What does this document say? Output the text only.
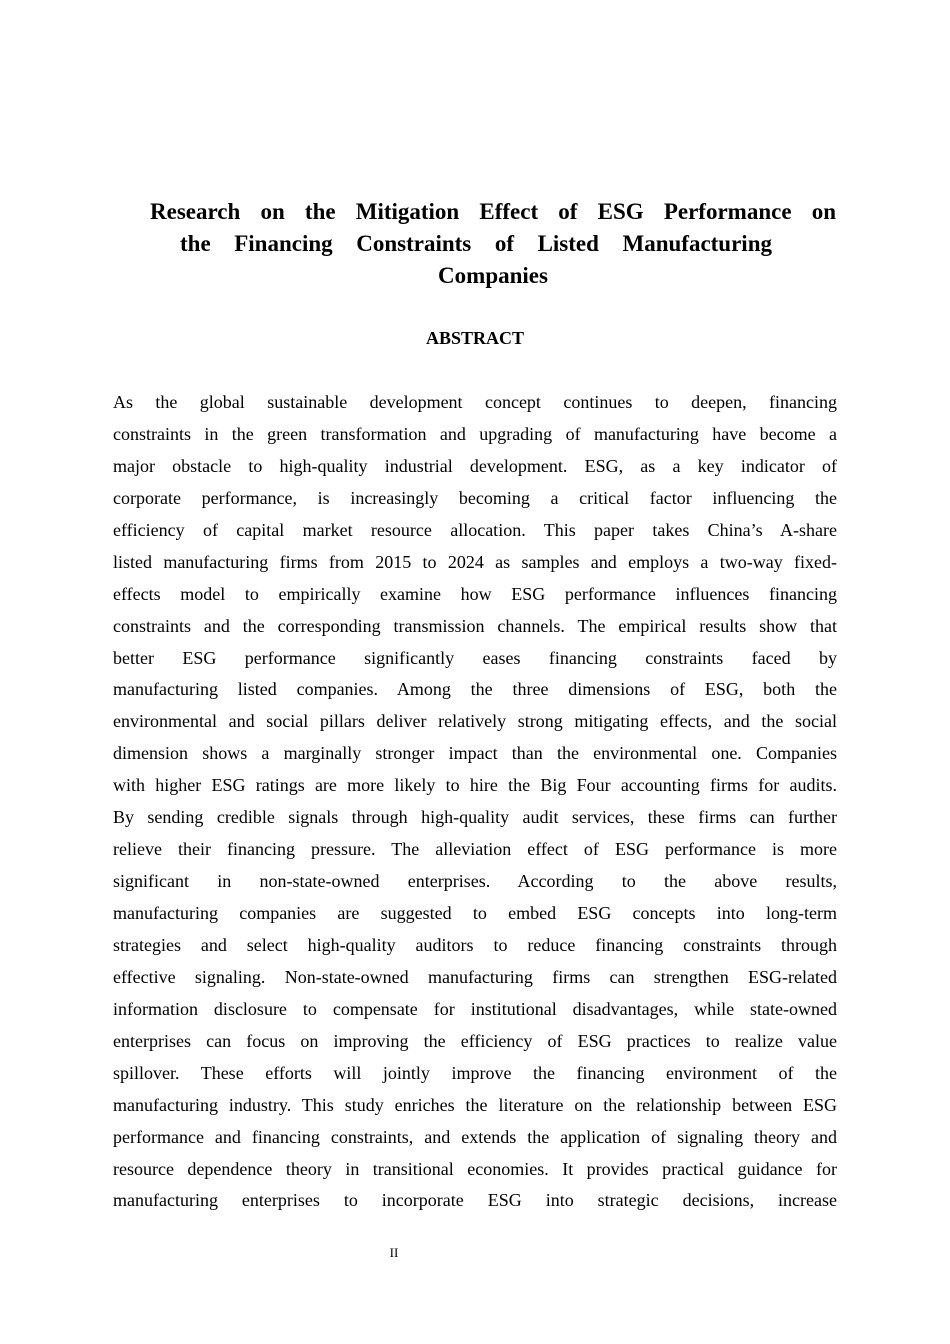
Research on the Mitigation Effect of ESG Performance on
the Financing Constraints of Listed Manufacturing
Companies
ABSTRACT
As the global sustainable development concept continues to deepen, financing
constraints in the green transformation and upgrading of manufacturing have become a
major obstacle to high-quality industrial development. ESG, as a key indicator of
corporate performance, is increasingly becoming a critical factor influencing the
efficiency of capital market resource allocation. This paper takes China’s A-share
listed manufacturing firms from 2015 to 2024 as samples and employs a two-way fixed-
effects model to empirically examine how ESG performance influences financing
constraints and the corresponding transmission channels. The empirical results show that
better ESG performance significantly eases financing constraints faced by
manufacturing listed companies. Among the three dimensions of ESG, both the
environmental and social pillars deliver relatively strong mitigating effects, and the social
dimension shows a marginally stronger impact than the environmental one. Companies
with higher ESG ratings are more likely to hire the Big Four accounting firms for audits.
By sending credible signals through high-quality audit services, these firms can further
relieve their financing pressure. The alleviation effect of ESG performance is more
significant in non-state-owned enterprises. According to the above results,
manufacturing companies are suggested to embed ESG concepts into long-term
strategies and select high-quality auditors to reduce financing constraints through
effective signaling. Non-state-owned manufacturing firms can strengthen ESG-related
information disclosure to compensate for institutional disadvantages, while state-owned
enterprises can focus on improving the efficiency of ESG practices to realize value
spillover. These efforts will jointly improve the financing environment of the
manufacturing industry. This study enriches the literature on the relationship between ESG
performance and financing constraints, and extends the application of signaling theory and
resource dependence theory in transitional economies. It provides practical guidance for
manufacturing enterprises to incorporate ESG into strategic decisions, increase
II
